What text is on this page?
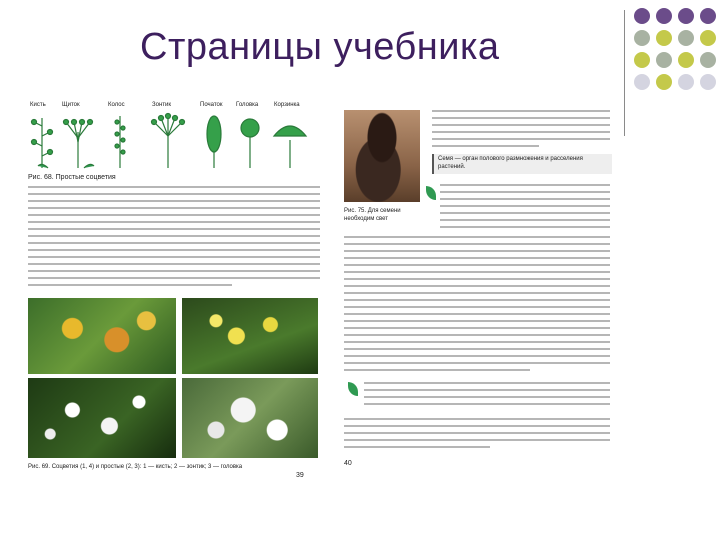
Страницы учебника
Кисть	Щиток	Колос	Зонтик	Початок Головка	Корзинка
Рис. 68. Простые соцветия
Рис. 69. Соцветия (1, 4) и простые (2, 3): 1 — кисть; 2 — зонтик; 3 — головка
39
Рис. 75. Для семени необходим свет
Семя — орган полового размножения и расселения растений.
40
